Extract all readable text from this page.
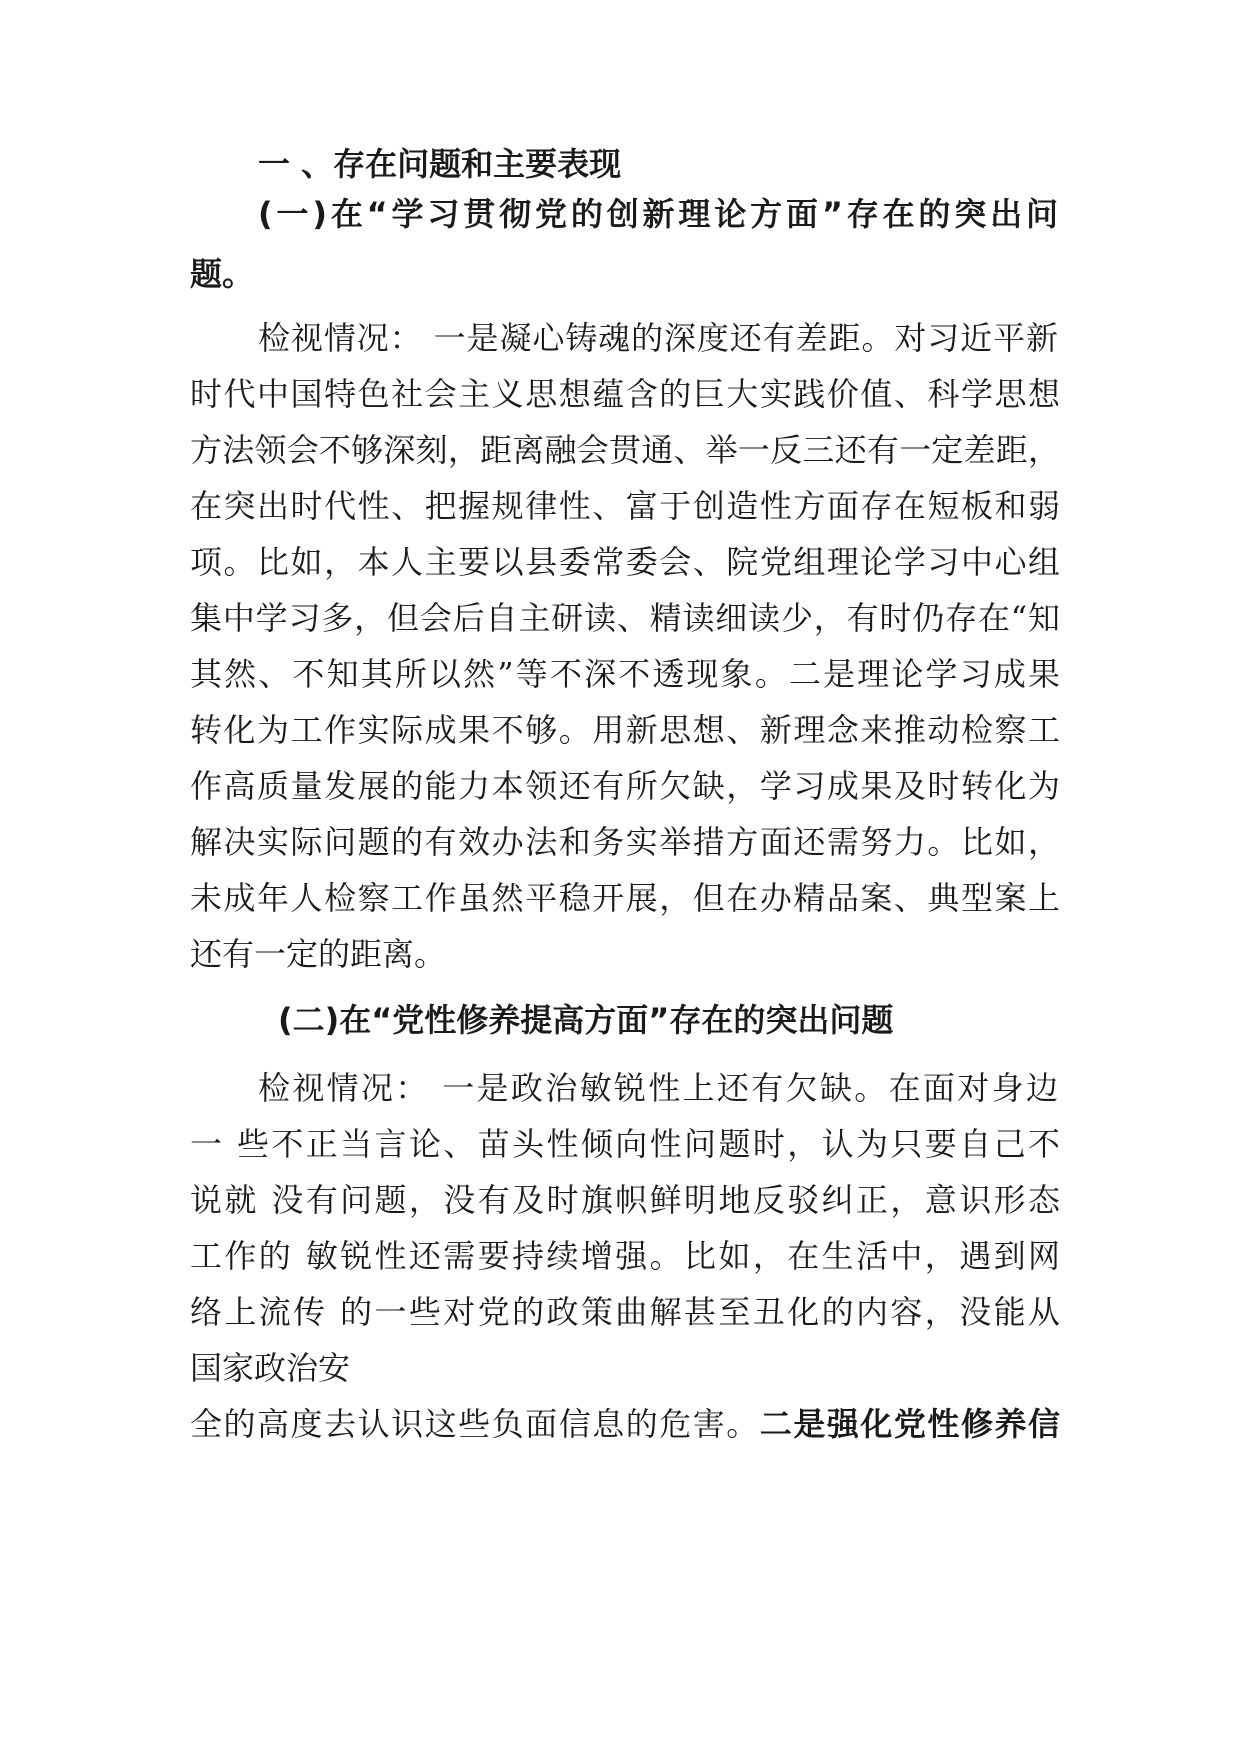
一 、存在问题和主要表现
(一)在“学习贯彻党的创新理论方面”存在的突出问
题。
检视情况： 一是凝心铸魂的深度还有差距。对习近平新
时代中国特色社会主义思想蕴含的巨大实践价值、科学思想
方法领会不够深刻，距离融会贯通、举一反三还有一定差距，
在突出时代性、把握规律性、富于创造性方面存在短板和弱
项。比如，本人主要以县委常委会、院党组理论学习中心组
集中学习多，但会后自主研读、精读细读少，有时仍存在“知
其然、不知其所以然”等不深不透现象。二是理论学习成果
转化为工作实际成果不够。用新思想、新理念来推动检察工
作高质量发展的能力本领还有所欠缺，学习成果及时转化为
解决实际问题的有效办法和务实举措方面还需努力。比如，
未成年人检察工作虽然平稳开展，但在办精品案、典型案上
还有一定的距离。
(二)在“党性修养提高方面”存在的突出问题
检视情况： 一是政治敏锐性上还有欠缺。在面对身边
一 些不正当言论、苗头性倾向性问题时，认为只要自己不
说就 没有问题，没有及时旗帜鲜明地反驳纠正，意识形态
工作的 敏锐性还需要持续增强。比如，在生活中，遇到网
络上流传 的一些对党的政策曲解甚至丑化的内容，没能从
国家政治安
全的高度去认识这些负面信息的危害。二是强化党性修养信
